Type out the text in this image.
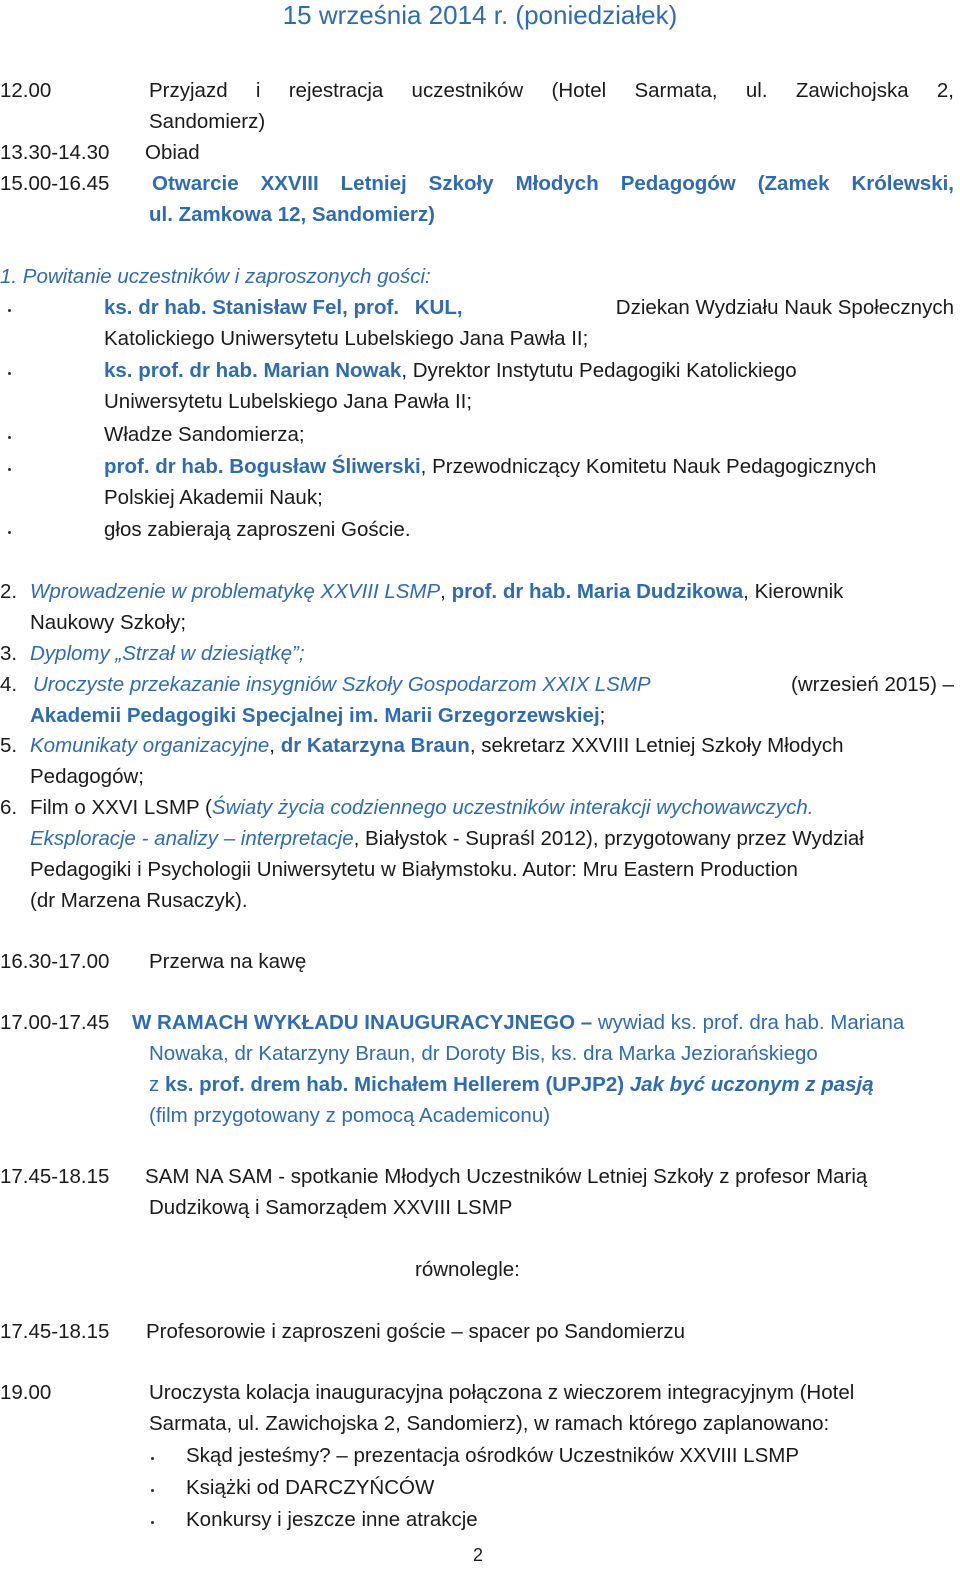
15 września 2014 r. (poniedziałek)
12.00	Przyjazd i rejestracja uczestników (Hotel Sarmata, ul. Zawichojska 2,
Sandomierz)
13.30-14.30 Obiad
15.00-16.45 Otwarcie XXVIII Letniej Szkoły Młodych Pedagogów (Zamek Królewski,
ul. Zamkowa 12, Sandomierz)
1. Powitanie uczestników i zaproszonych gości:
ks. dr hab. Stanisław Fel, prof. KUL,	Dziekan Wydziału Nauk Społecznych
Katolickiego Uniwersytetu Lubelskiego Jana Pawła II;
ks. prof. dr hab. Marian Nowak, Dyrektor Instytutu Pedagogiki Katolickiego
Uniwersytetu Lubelskiego Jana Pawła II;
Władze Sandomierza;
prof. dr hab. Bogusław Śliwerski, Przewodniczący Komitetu Nauk Pedagogicznych
Polskiej Akademii Nauk;
głos zabierają zaproszeni Goście.
2. Wprowadzenie w problematykę XXVIII LSMP, prof. dr hab. Maria Dudzikowa, Kierownik
Naukowy Szkoły;
3. Dyplomy „Strzał w dziesiątkę”;
4. Uroczyste przekazanie insygniów Szkoły Gospodarzom XXIX LSMP	(wrzesień 2015) –
Akademii Pedagogiki Specjalnej im. Marii Grzegorzewskiej;
5. Komunikaty organizacyjne, dr Katarzyna Braun, sekretarz XXVIII Letniej Szkoły Młodych
Pedagogów;
6. Film o XXVI LSMP (Światy życia codziennego uczestników interakcji wychowawczych.
Eksploracje - analizy – interpretacje, Białystok - Supraśl 2012), przygotowany przez Wydział
Pedagogiki i Psychologii Uniwersytetu w Białymstoku. Autor: Mru Eastern Production
(dr Marzena Rusaczyk).
16.30-17.00 Przerwa na kawę
17.00-17.45 W RAMACH WYKŁADU INAUGURACYJNEGO – wywiad ks. prof. dra hab. Mariana
Nowaka, dr Katarzyny Braun, dr Doroty Bis, ks. dra Marka Jeziorańskiego
z ks. prof. drem hab. Michałem Hellerem (UPJP2) Jak być uczonym z pasją
(film przygotowany z pomocą Academiconu)
17.45-18.15 SAM NA SAM - spotkanie Młodych Uczestników Letniej Szkoły z profesor Marią
Dudzikową i Samorządem XXVIII LSMP
równolegle:
17.45-18.15 Profesorowie i zaproszeni goście – spacer po Sandomierzu
19.00	Uroczysta kolacja inauguracyjna połączona z wieczorem integracyjnym (Hotel
Sarmata, ul. Zawichojska 2, Sandomierz), w ramach którego zaplanowano:
Skąd jesteśmy? – prezentacja ośrodków Uczestników XXVIII LSMP
Książki od DARCZYŃCÓW
Konkursy i jeszcze inne atrakcje
2
